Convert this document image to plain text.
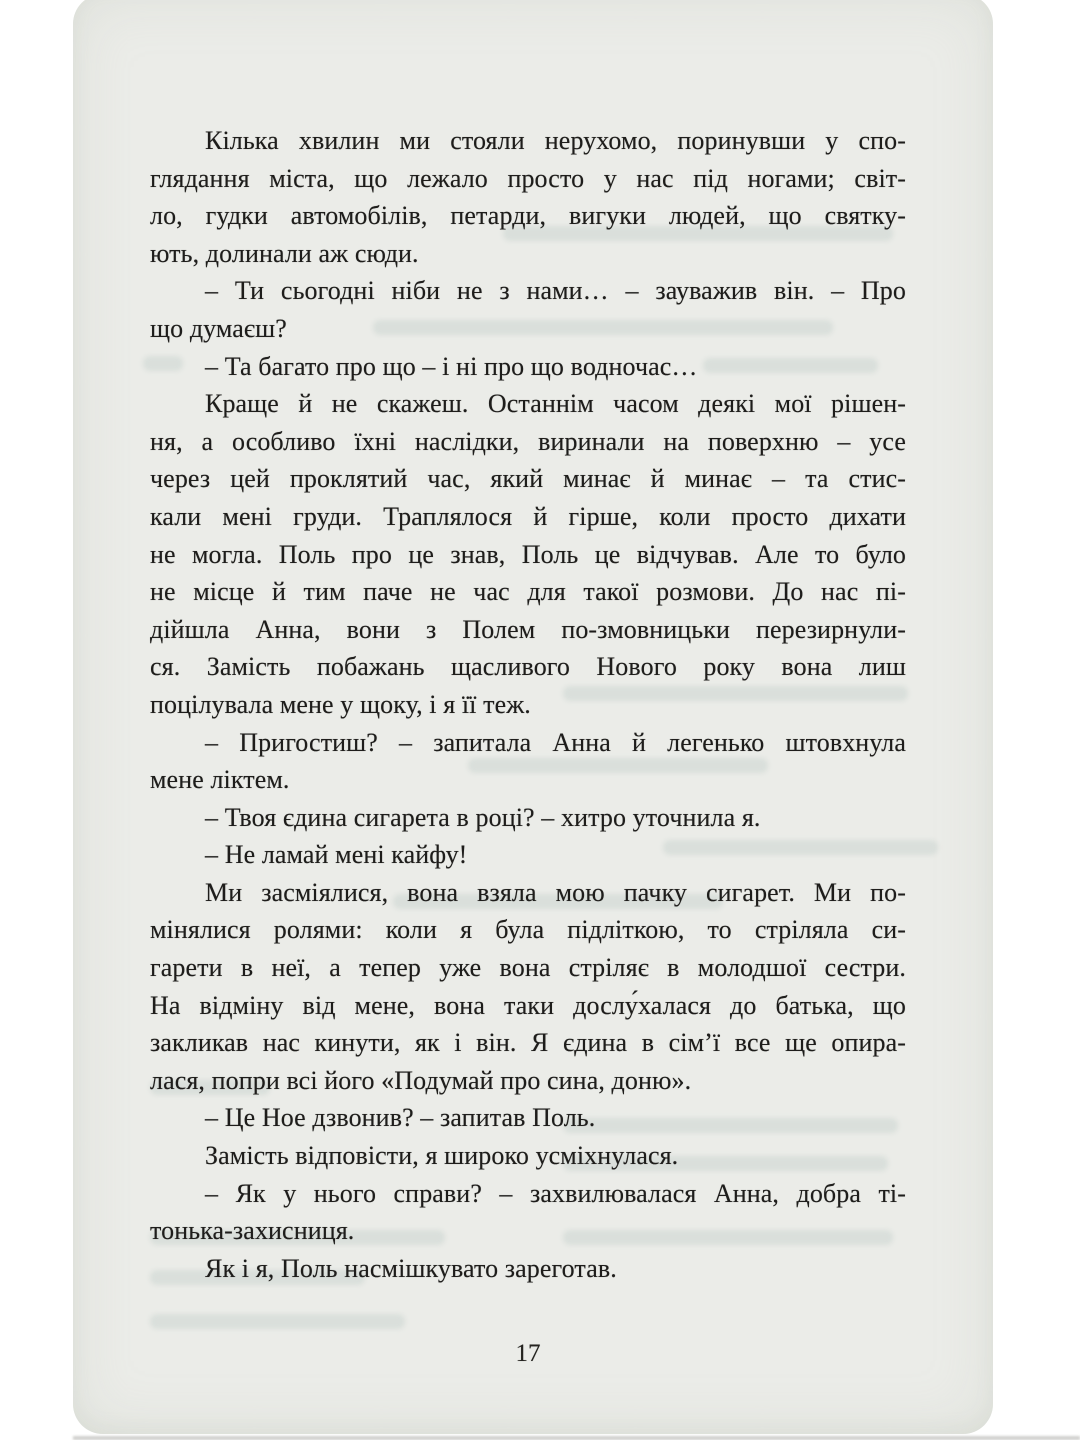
Кілька хвилин ми стояли нерухомо, поринувши у спо-
глядання міста, що лежало просто у нас під ногами; світ-
ло, гудки автомобілів, петарди, вигуки людей, що святку-
ють, долинали аж сюди.
– Ти сьогодні ніби не з нами… – зауважив він. – Про
що думаєш?
– Та багато про що – і ні про що водночас…
Краще й не скажеш. Останнім часом деякі мої рішен-
ня, а особливо їхні наслідки, виринали на поверхню – усе
через цей проклятий час, який минає й минає – та стис-
кали мені груди. Траплялося й гірше, коли просто дихати
не могла. Поль про це знав, Поль це відчував. Але то було
не місце й тим паче не час для такої розмови. До нас пі-
дійшла Анна, вони з Полем по-змовницьки перезирнули-
ся. Замість побажань щасливого Нового року вона лиш
поцілувала мене у щоку, і я її теж.
– Пригостиш? – запитала Анна й легенько штовхнула
мене ліктем.
– Твоя єдина сигарета в році? – хитро уточнила я.
– Не ламай мені кайфу!
Ми засміялися, вона взяла мою пачку сигарет. Ми по-
мінялися ролями: коли я була підліткою, то стріляла си-
гарети в неї, а тепер уже вона стріляє в молодшої сестри.
На відміну від мене, вона таки дослу́халася до батька, що
закликав нас кинути, як і він. Я єдина в сім’ї все ще опира-
лася, попри всі його «Подумай про сина, доню».
– Це Ное дзвонив? – запитав Поль.
Замість відповісти, я широко усміхнулася.
– Як у нього справи? – захвилювалася Анна, добра ті-
тонька-захисниця.
Як і я, Поль насмішкувато зареготав.
17
